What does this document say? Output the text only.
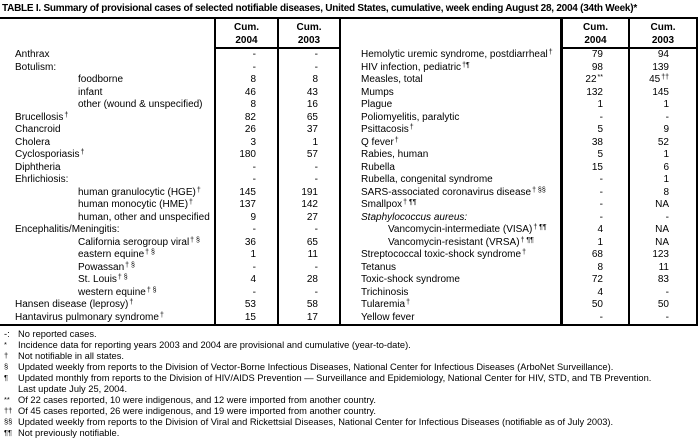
TABLE I. Summary of provisional cases of selected notifiable diseases, United States, cumulative, week ending August 28, 2004 (34th Week)*
Cum.
2004
Cum.
2003
Cum.
2004
Cum.
2003
Anthrax	-	-	Hemolytic uremic syndrome, postdiarrheal†	79	94
Botulism:	-	-	HIV infection, pediatric†¶	98	139
foodborne	8	8	Measles, total	22**	45††
infant	46	43	Mumps	132	145
other (wound & unspecified)	8	16	Plague	1	1
Brucellosis†	82	65	Poliomyelitis, paralytic	-	-
Chancroid	26	37	Psittacosis†	5	9
Cholera	3	1	Q fever†	38	52
Cyclosporiasis†	180	57	Rabies, human	5	1
Diphtheria	-	-	Rubella	15	6
Ehrlichiosis:	-	-	Rubella, congenital syndrome	-	1
human granulocytic (HGE)†	145	191	SARS-associated coronavirus disease† §§	-	8
human monocytic (HME)†	137	142	Smallpox† ¶¶	-	NA
human, other and unspecified	9	27	Staphylococcus aureus:	-	-
Encephalitis/Meningitis:	-	-	Vancomycin-intermediate (VISA)† ¶¶	4	NA
California serogroup viral† §	36	65	Vancomycin-resistant (VRSA)† ¶¶	1	NA
eastern equine† §	1	11	Streptococcal toxic-shock syndrome†	68	123
Powassan† §	-	-	Tetanus	8	11
St. Louis† §	4	28	Toxic-shock syndrome	72	83
western equine† §	-	-	Trichinosis	4	-
Hansen disease (leprosy)†	53	58	Tularemia†	50	50
Hantavirus pulmonary syndrome†	15	17	Yellow fever	-	-
-: No reported cases.
* Incidence data for reporting years 2003 and 2004 are provisional and cumulative (year-to-date).
† Not notifiable in all states.
§ Updated weekly from reports to the Division of Vector-Borne Infectious Diseases, National Center for Infectious Diseases (ArboNet Surveillance).
¶ Updated monthly from reports to the Division of HIV/AIDS Prevention — Surveillance and Epidemiology, National Center for HIV, STD, and TB Prevention.
Last update July 25, 2004.
** Of 22 cases reported, 10 were indigenous, and 12 were imported from another country.
†† Of 45 cases reported, 26 were indigenous, and 19 were imported from another country.
§§ Updated weekly from reports to the Division of Viral and Rickettsial Diseases, National Center for Infectious Diseases (notifiable as of July 2003).
¶¶ Not previously notifiable.
